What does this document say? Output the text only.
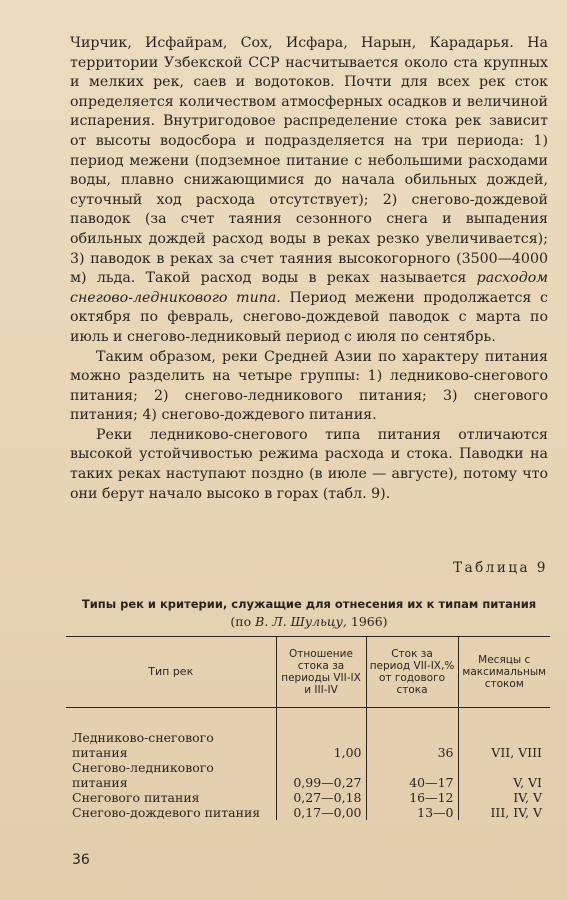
Чирчик, Исфайрам, Сох, Исфара, Нарын, Карадарья. На территории Узбекской ССР насчитывается около ста крупных и мелких рек, саев и водотоков. Почти для всех рек сток определяется количеством атмосферных осадков и величиной испарения. Внутригодовое распределение стока рек зависит от высоты водосбора и подразделяется на три периода: 1) период межени (подземное питание с небольшими расходами воды, плавно снижающимися до начала обильных дождей, суточный ход расхода отсутствует); 2) снегово-дождевой паводок (за счет таяния сезонного снега и выпадения обильных дождей расход воды в реках резко увеличивается); 3) паводок в реках за счет таяния высокогорного (3500—4000 м) льда. Такой расход воды в реках называется расходом снегово-ледникового типа. Период межени продолжается с октября по февраль, снегово-дождевой паводок с марта по июль и снегово-ледниковый период с июля по сентябрь.

Таким образом, реки Средней Азии по характеру питания можно разделить на четыре группы: 1) ледниково-снегового питания; 2) снегово-ледникового питания; 3) снегового питания; 4) снегово-дождевого питания.

Реки ледниково-снегового типа питания отличаются высокой устойчивостью режима расхода и стока. Паводки на таких реках наступают поздно (в июле — августе), потому что они берут начало высоко в горах (табл. 9).

Таблица 9
Типы рек и критерии, служащие для отнесения их к типам питания (по В. Л. Шульцу, 1966)
Тип рек	Отношение стока за периоды VII-IX и III-IV	Сток за период VII-IX,% от годового стока	Месяцы с максимальным стоком

Ледниково-снегового питания	1,00	36	VII, VIII
Снегово-ледникового питания	0,99—0,27	40—17	V, VI
Снегового питания	0,27—0,18	16—12	IV, V
Снегово-дождевого питания	0,17—0,00	13—0	III, IV, V
36
